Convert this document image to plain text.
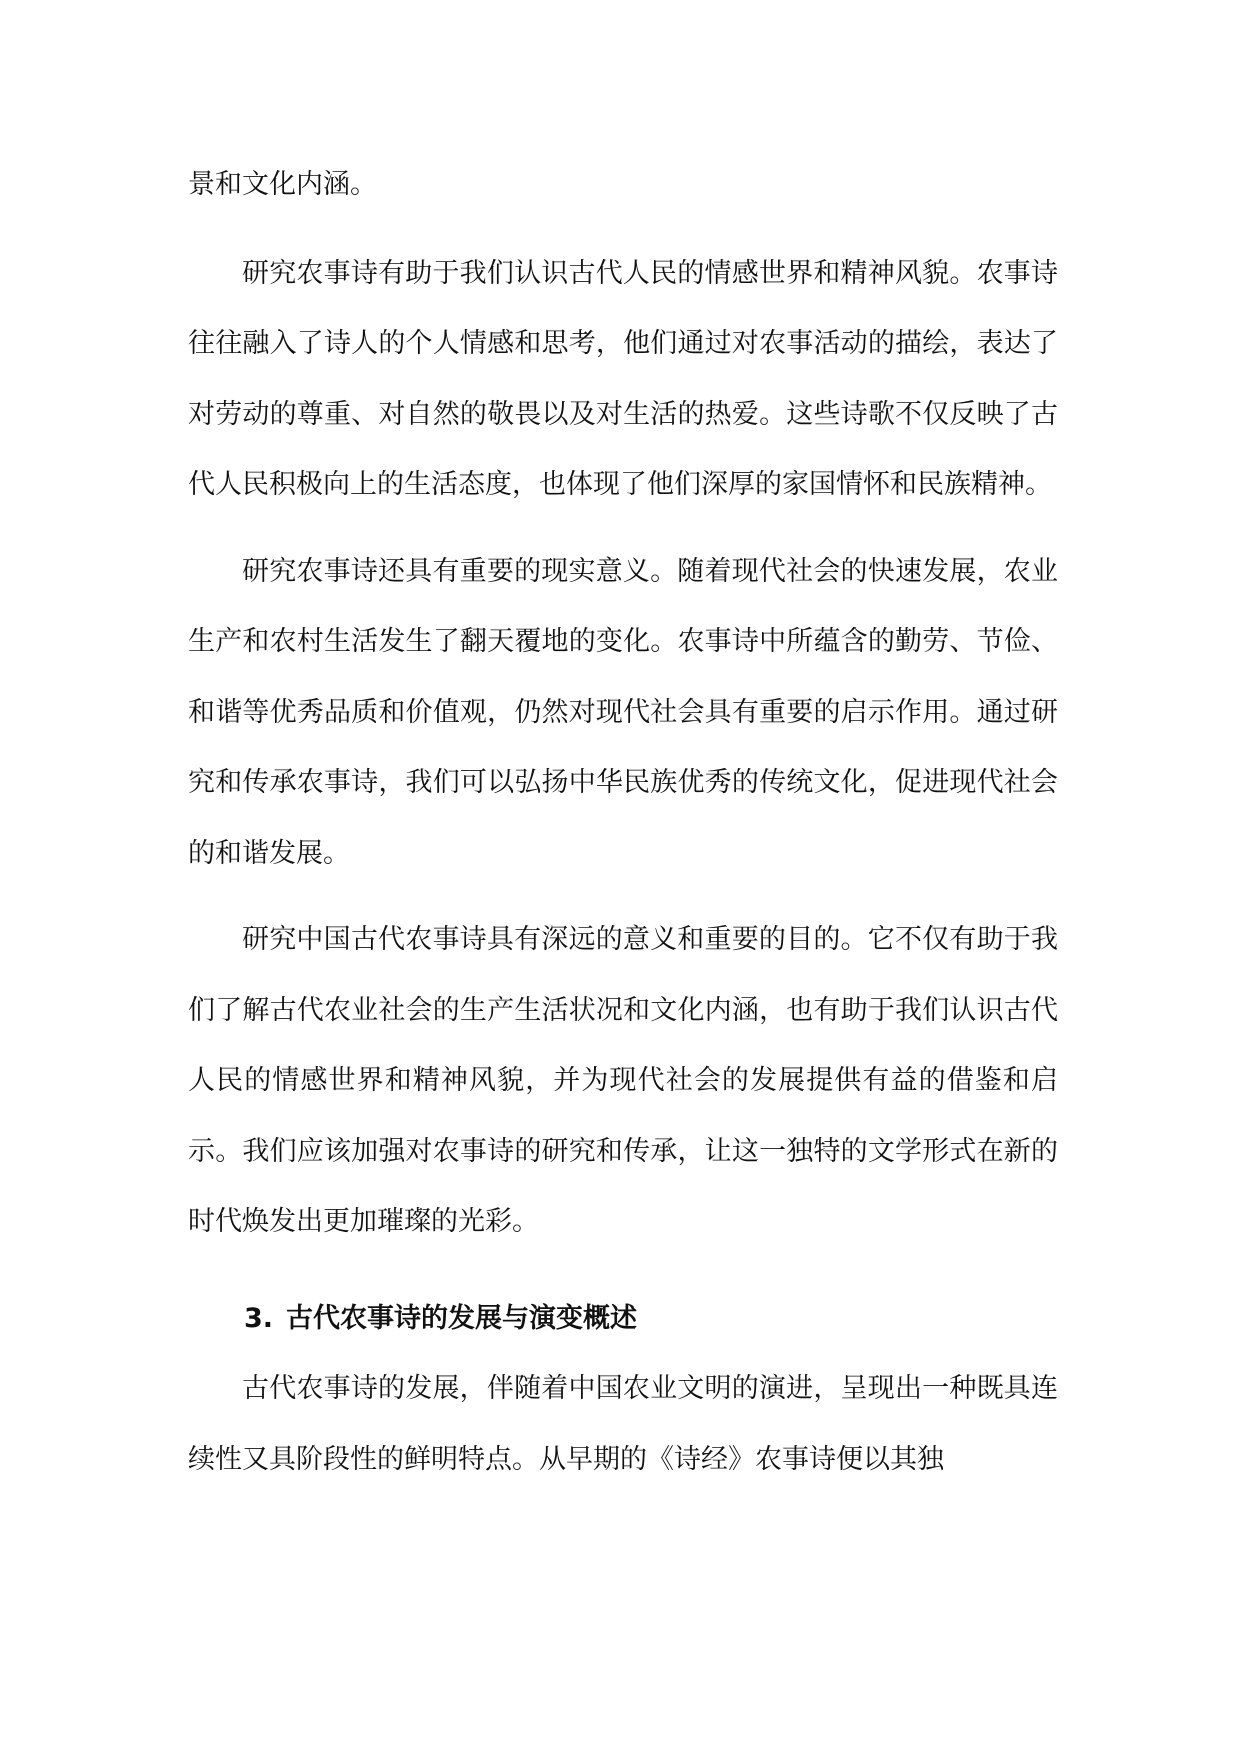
景和文化内涵。

研究农事诗有助于我们认识古代人民的情感世界和精神风貌。农事诗往往融入了诗人的个人情感和思考，他们通过对农事活动的描绘，表达了对劳动的尊重、对自然的敬畏以及对生活的热爱。这些诗歌不仅反映了古代人民积极向上的生活态度，也体现了他们深厚的家国情怀和民族精神。

研究农事诗还具有重要的现实意义。随着现代社会的快速发展，农业生产和农村生活发生了翻天覆地的变化。农事诗中所蕴含的勤劳、节俭、和谐等优秀品质和价值观，仍然对现代社会具有重要的启示作用。通过研究和传承农事诗，我们可以弘扬中华民族优秀的传统文化，促进现代社会的和谐发展。

研究中国古代农事诗具有深远的意义和重要的目的。它不仅有助于我们了解古代农业社会的生产生活状况和文化内涵，也有助于我们认识古代人民的情感世界和精神风貌，并为现代社会的发展提供有益的借鉴和启示。我们应该加强对农事诗的研究和传承，让这一独特的文学形式在新的时代焕发出更加璀璨的光彩。

3. 古代农事诗的发展与演变概述

古代农事诗的发展，伴随着中国农业文明的演进，呈现出一种既具连续性又具阶段性的鲜明特点。从早期的《诗经》农事诗便以其独
